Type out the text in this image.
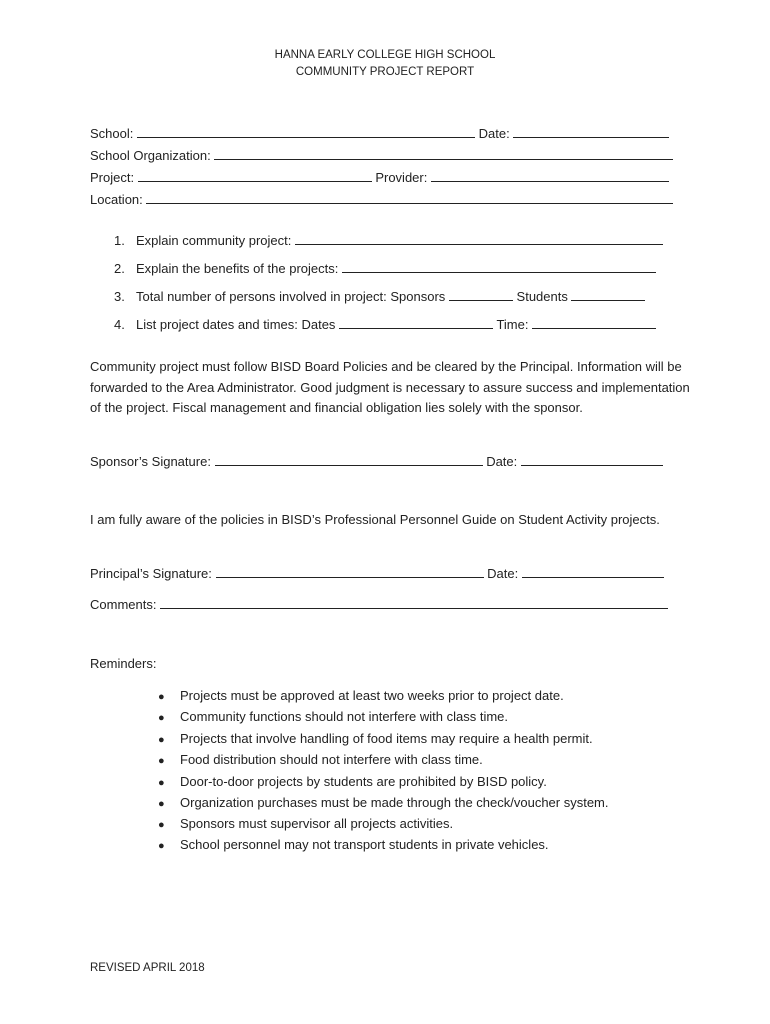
HANNA EARLY COLLEGE HIGH SCHOOL
COMMUNITY PROJECT REPORT
School:	Date:
School Organization:
Project:	Provider:
Location:
1. Explain community project:
2. Explain the benefits of the projects:
3. Total number of persons involved in project: Sponsors	Students
4. List project dates and times: Dates	Time:
Community project must follow BISD Board Policies and be cleared by the Principal. Information will be forwarded to the Area Administrator. Good judgment is necessary to assure success and implementation of the project. Fiscal management and financial obligation lies solely with the sponsor.
Sponsor’s Signature:	Date:
I am fully aware of the policies in BISD’s Professional Personnel Guide on Student Activity projects.
Principal’s Signature:	Date:
Comments:
Reminders:
● Projects must be approved at least two weeks prior to project date.
● Community functions should not interfere with class time.
● Projects that involve handling of food items may require a health permit.
● Food distribution should not interfere with class time.
● Door-to-door projects by students are prohibited by BISD policy.
● Organization purchases must be made through the check/voucher system.
● Sponsors must supervisor all projects activities.
● School personnel may not transport students in private vehicles.
REVISED APRIL 2018
